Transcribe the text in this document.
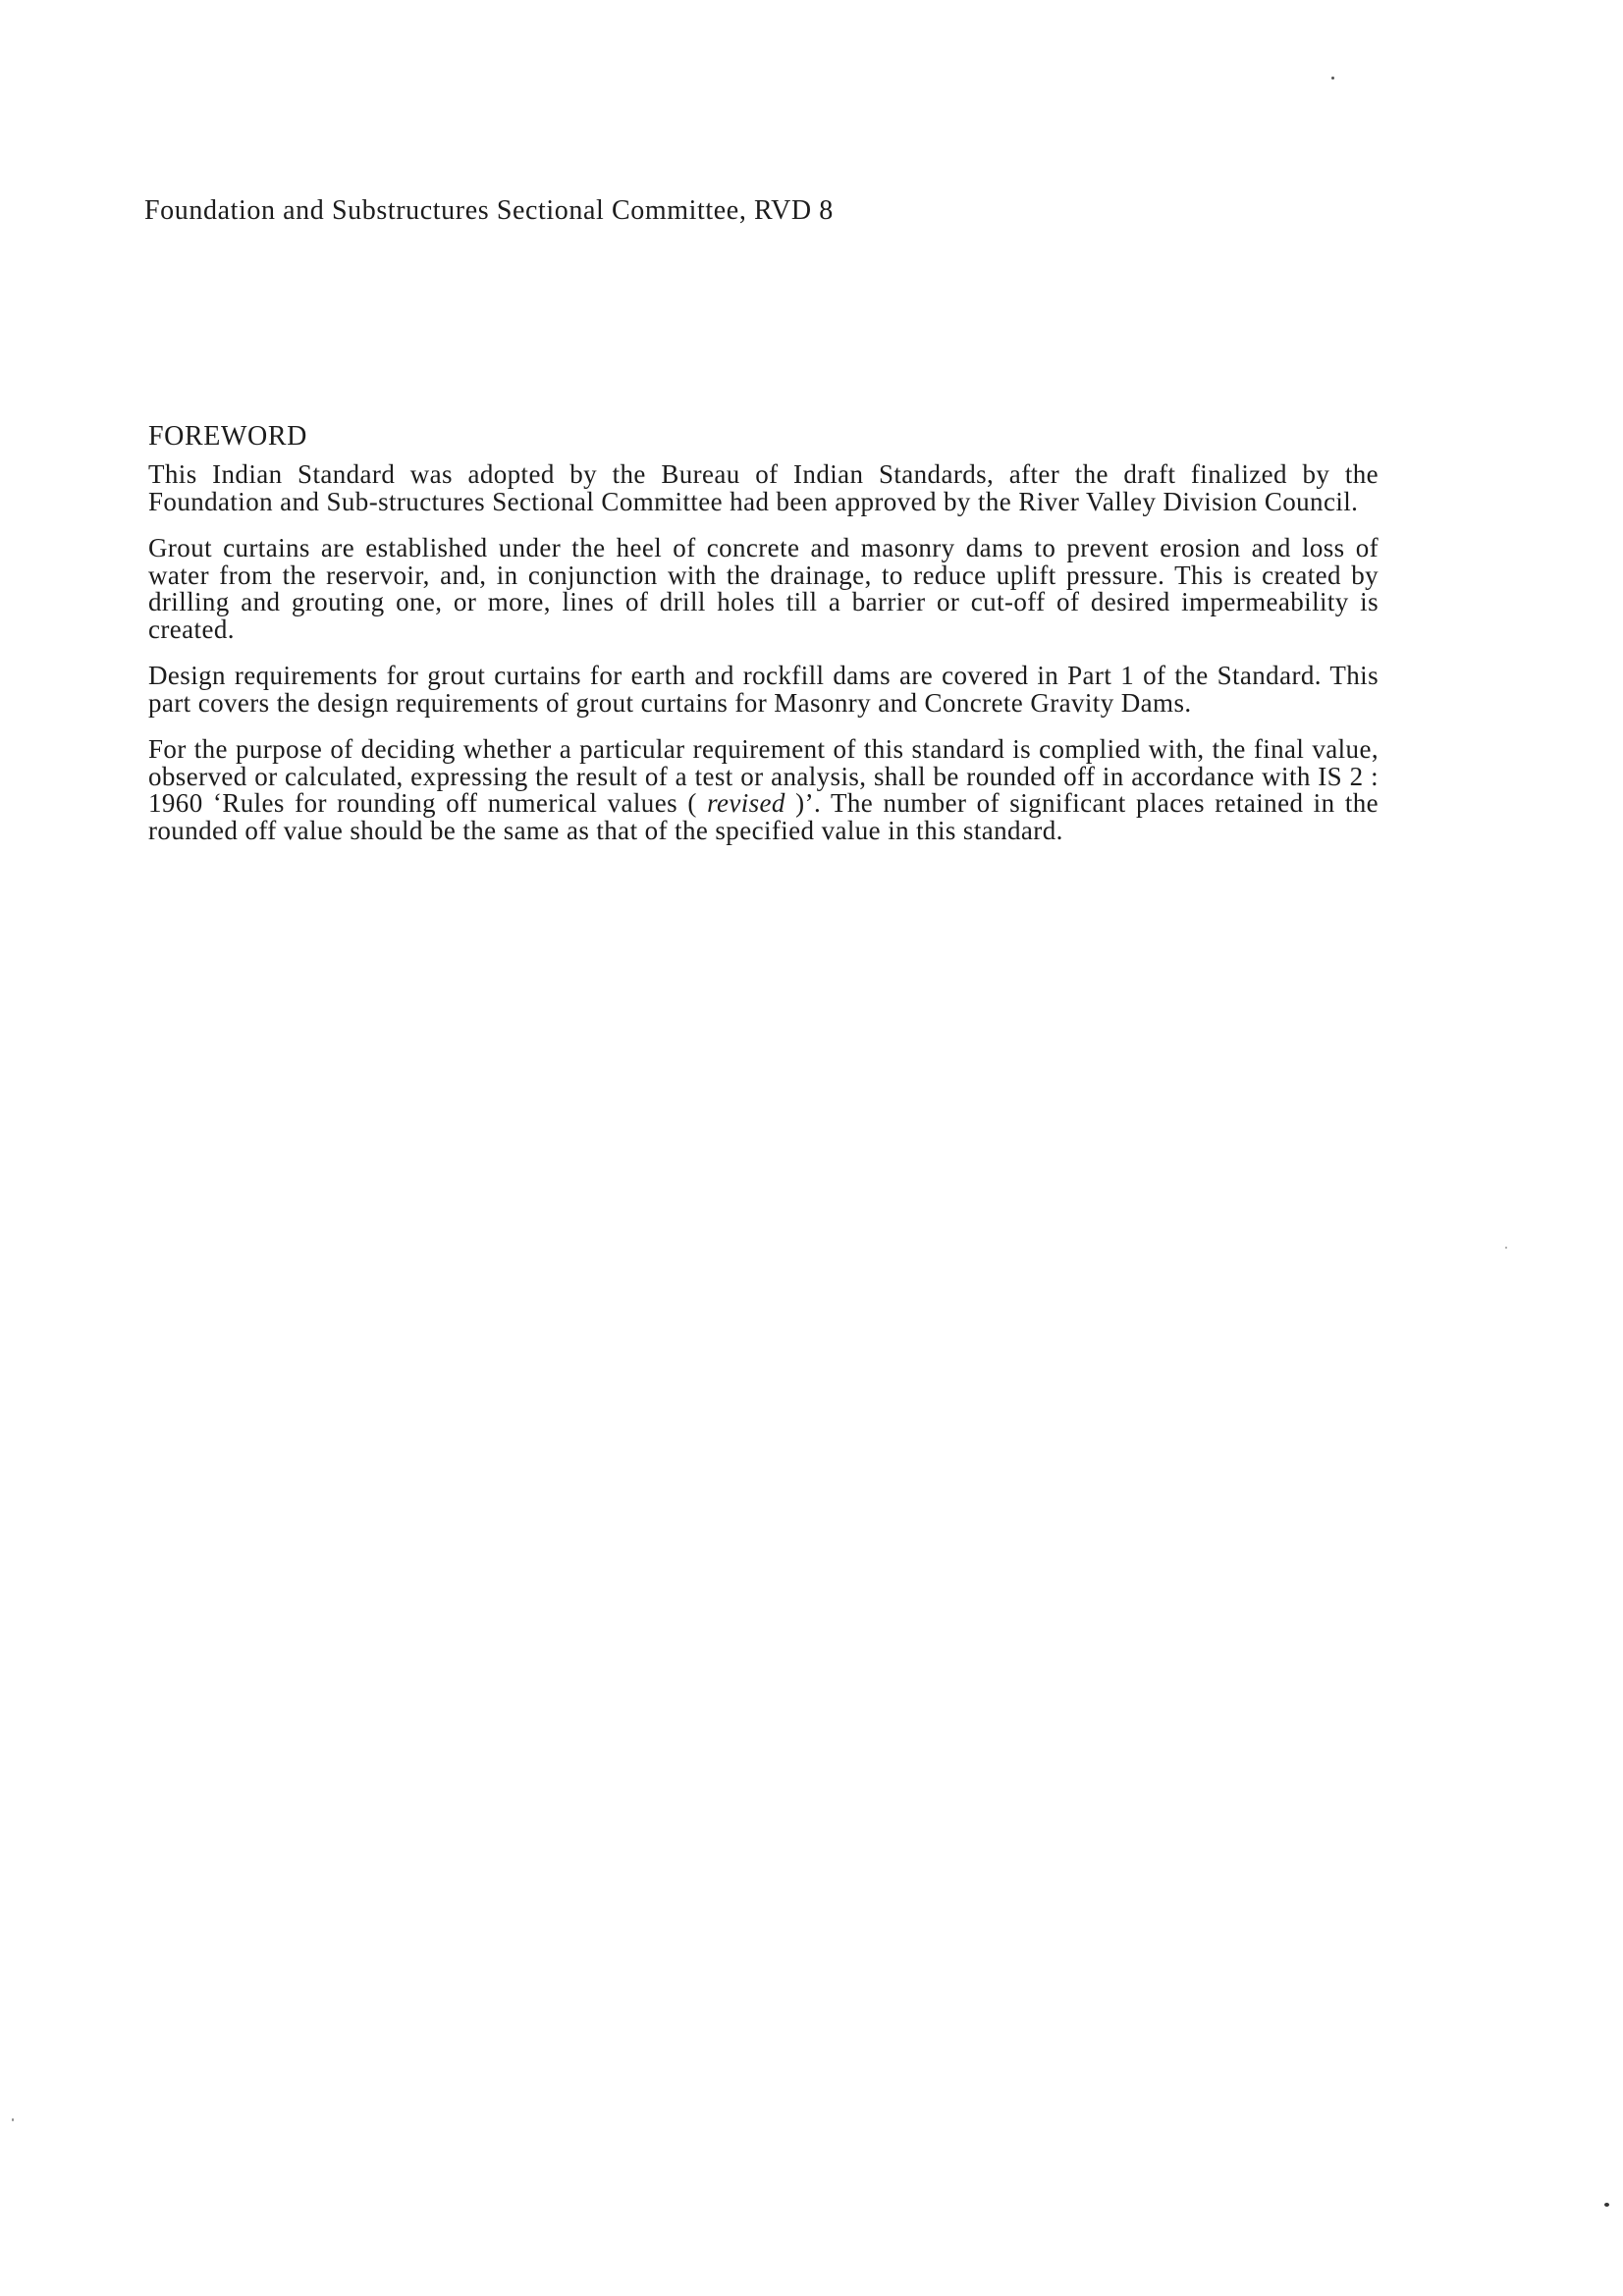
Foundation and Substructures Sectional Committee, RVD 8

FOREWORD

This Indian Standard was adopted by the Bureau of Indian Standards, after the draft finalized by the Foundation and Sub-structures Sectional Committee had been approved by the River Valley Division Council.

Grout curtains are established under the heel of concrete and masonry dams to prevent erosion and loss of water from the reservoir, and, in conjunction with the drainage, to reduce uplift pressure. This is created by drilling and grouting one, or more, lines of drill holes till a barrier or cut-off of desired impermeability is created.

Design requirements for grout curtains for earth and rockfill dams are covered in Part 1 of the Standard. This part covers the design requirements of grout curtains for Masonry and Concrete Gravity Dams.

For the purpose of deciding whether a particular requirement of this standard is complied with, the final value, observed or calculated, expressing the result of a test or analysis, shall be rounded off in accordance with IS 2 : 1960 ‘Rules for rounding off numerical values ( revised )’. The number of significant places retained in the rounded off value should be the same as that of the specified value in this standard.
